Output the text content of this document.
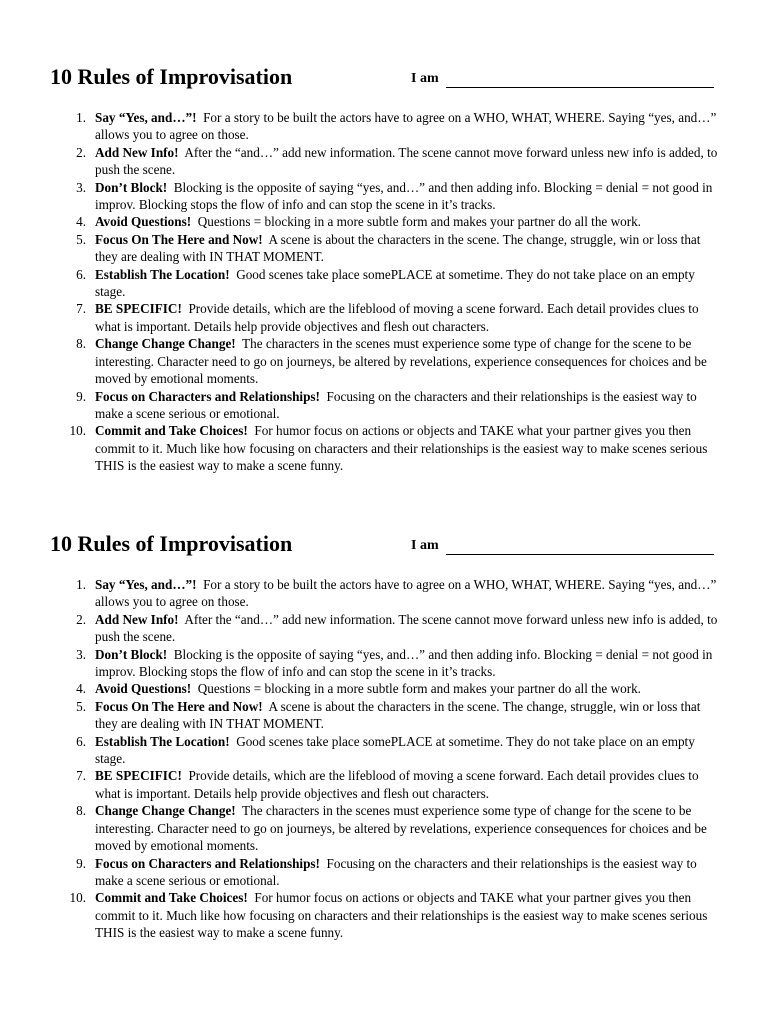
10 Rules of Improvisation	I am
1. Say “Yes, and…”! For a story to be built the actors have to agree on a WHO, WHAT, WHERE. Saying “yes, and…” allows you to agree on those.
2. Add New Info! After the “and…” add new information. The scene cannot move forward unless new info is added, to push the scene.
3. Don’t Block! Blocking is the opposite of saying “yes, and…” and then adding info. Blocking = denial = not good in improv. Blocking stops the flow of info and can stop the scene in it’s tracks.
4. Avoid Questions! Questions = blocking in a more subtle form and makes your partner do all the work.
5. Focus On The Here and Now! A scene is about the characters in the scene. The change, struggle, win or loss that they are dealing with IN THAT MOMENT.
6. Establish The Location! Good scenes take place somePLACE at sometime. They do not take place on an empty stage.
7. BE SPECIFIC! Provide details, which are the lifeblood of moving a scene forward. Each detail provides clues to what is important. Details help provide objectives and flesh out characters.
8. Change Change Change! The characters in the scenes must experience some type of change for the scene to be interesting. Character need to go on journeys, be altered by revelations, experience consequences for choices and be moved by emotional moments.
9. Focus on Characters and Relationships! Focusing on the characters and their relationships is the easiest way to make a scene serious or emotional.
10. Commit and Take Choices! For humor focus on actions or objects and TAKE what your partner gives you then commit to it. Much like how focusing on characters and their relationships is the easiest way to make scenes serious THIS is the easiest way to make a scene funny.
10 Rules of Improvisation	I am
1. Say “Yes, and…”! For a story to be built the actors have to agree on a WHO, WHAT, WHERE. Saying “yes, and…” allows you to agree on those.
2. Add New Info! After the “and…” add new information. The scene cannot move forward unless new info is added, to push the scene.
3. Don’t Block! Blocking is the opposite of saying “yes, and…” and then adding info. Blocking = denial = not good in improv. Blocking stops the flow of info and can stop the scene in it’s tracks.
4. Avoid Questions! Questions = blocking in a more subtle form and makes your partner do all the work.
5. Focus On The Here and Now! A scene is about the characters in the scene. The change, struggle, win or loss that they are dealing with IN THAT MOMENT.
6. Establish The Location! Good scenes take place somePLACE at sometime. They do not take place on an empty stage.
7. BE SPECIFIC! Provide details, which are the lifeblood of moving a scene forward. Each detail provides clues to what is important. Details help provide objectives and flesh out characters.
8. Change Change Change! The characters in the scenes must experience some type of change for the scene to be interesting. Character need to go on journeys, be altered by revelations, experience consequences for choices and be moved by emotional moments.
9. Focus on Characters and Relationships! Focusing on the characters and their relationships is the easiest way to make a scene serious or emotional.
10. Commit and Take Choices! For humor focus on actions or objects and TAKE what your partner gives you then commit to it. Much like how focusing on characters and their relationships is the easiest way to make scenes serious THIS is the easiest way to make a scene funny.
